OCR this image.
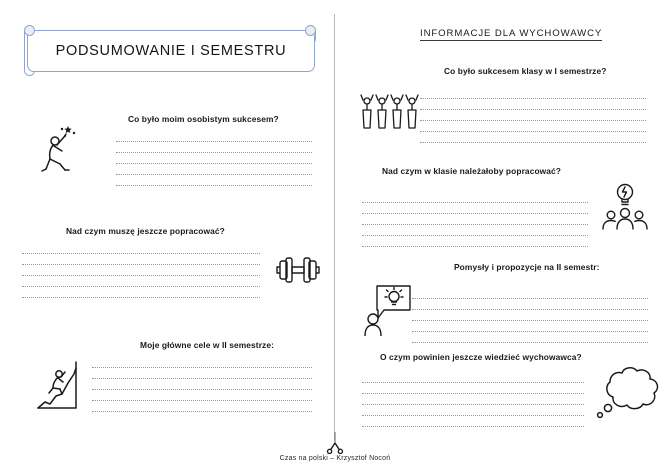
PODSUMOWANIE I SEMESTRU
INFORMACJE DLA WYCHOWAWCY
Co było moim osobistym sukcesem?
Nad czym muszę jeszcze popracować?
Moje główne cele w II semestrze:
Co było sukcesem klasy w I semestrze?
Nad czym w klasie należałoby popracować?
Pomysły i propozycje na II semestr:
O czym powinien jeszcze wiedzieć wychowawca?
Czas na polski – Krzysztof Nocoń
